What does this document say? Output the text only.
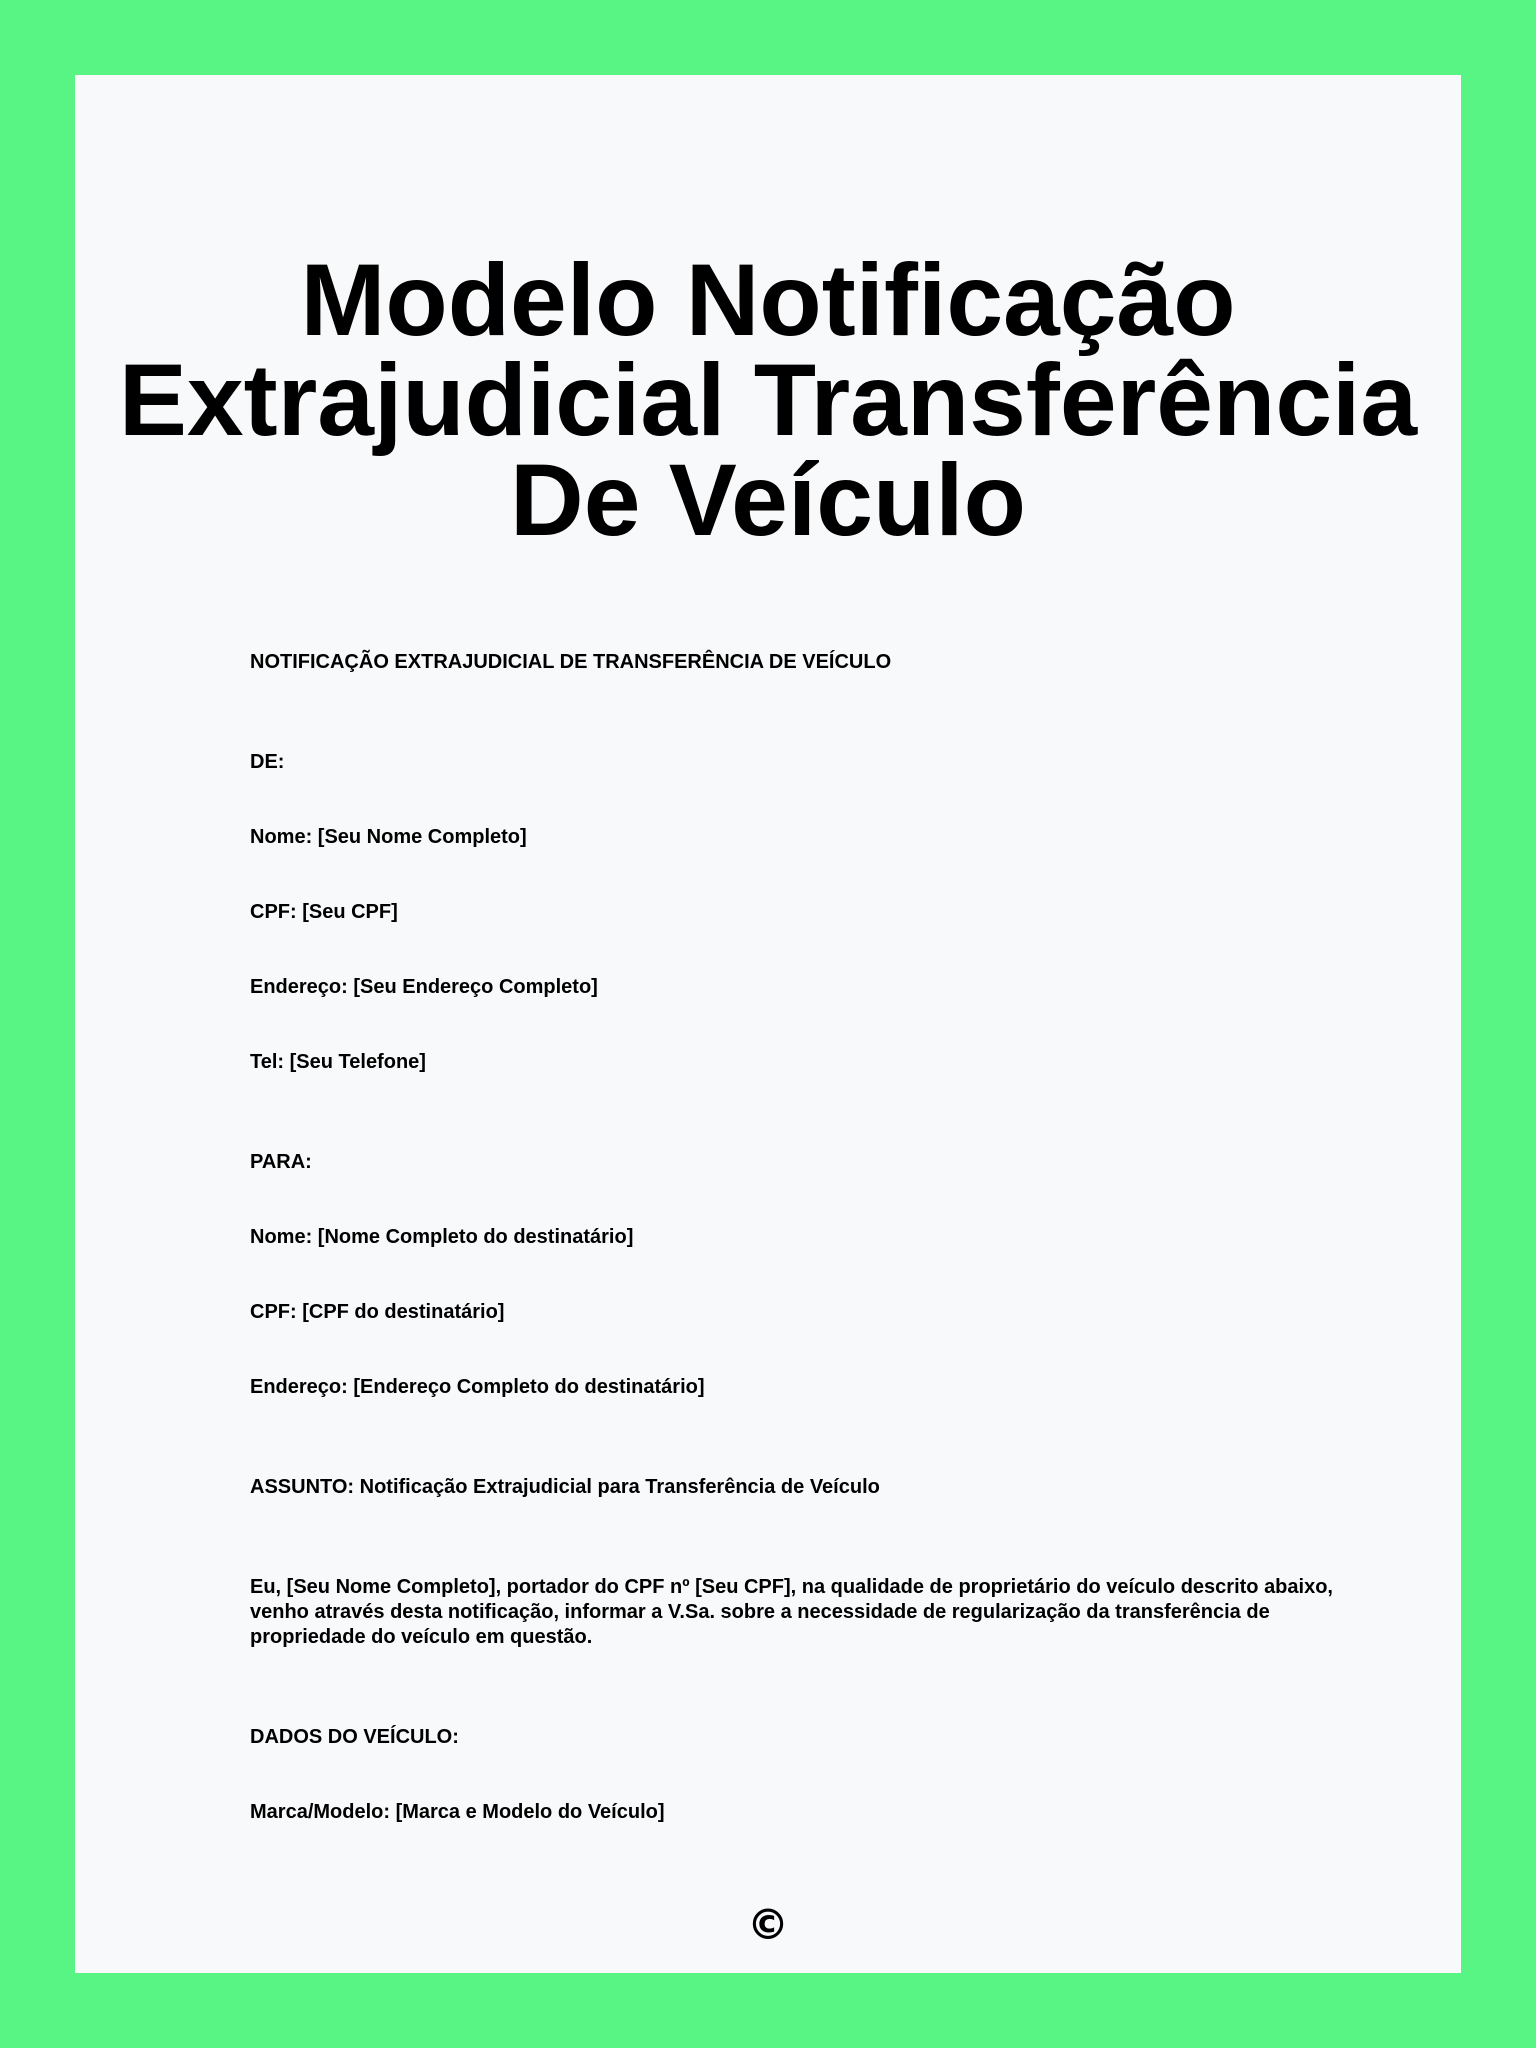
Modelo Notificação
Extrajudicial Transferência
De Veículo

NOTIFICAÇÃO EXTRAJUDICIAL DE TRANSFERÊNCIA DE VEÍCULO

DE:

Nome: [Seu Nome Completo]

CPF: [Seu CPF]

Endereço: [Seu Endereço Completo]

Tel: [Seu Telefone]

PARA:

Nome: [Nome Completo do destinatário]

CPF: [CPF do destinatário]

Endereço: [Endereço Completo do destinatário]

ASSUNTO: Notificação Extrajudicial para Transferência de Veículo

Eu, [Seu Nome Completo], portador do CPF nº [Seu CPF], na qualidade de proprietário do veículo descrito abaixo, venho através desta notificação, informar a V.Sa. sobre a necessidade de regularização da transferência de propriedade do veículo em questão.

DADOS DO VEÍCULO:

Marca/Modelo: [Marca e Modelo do Veículo]

©
